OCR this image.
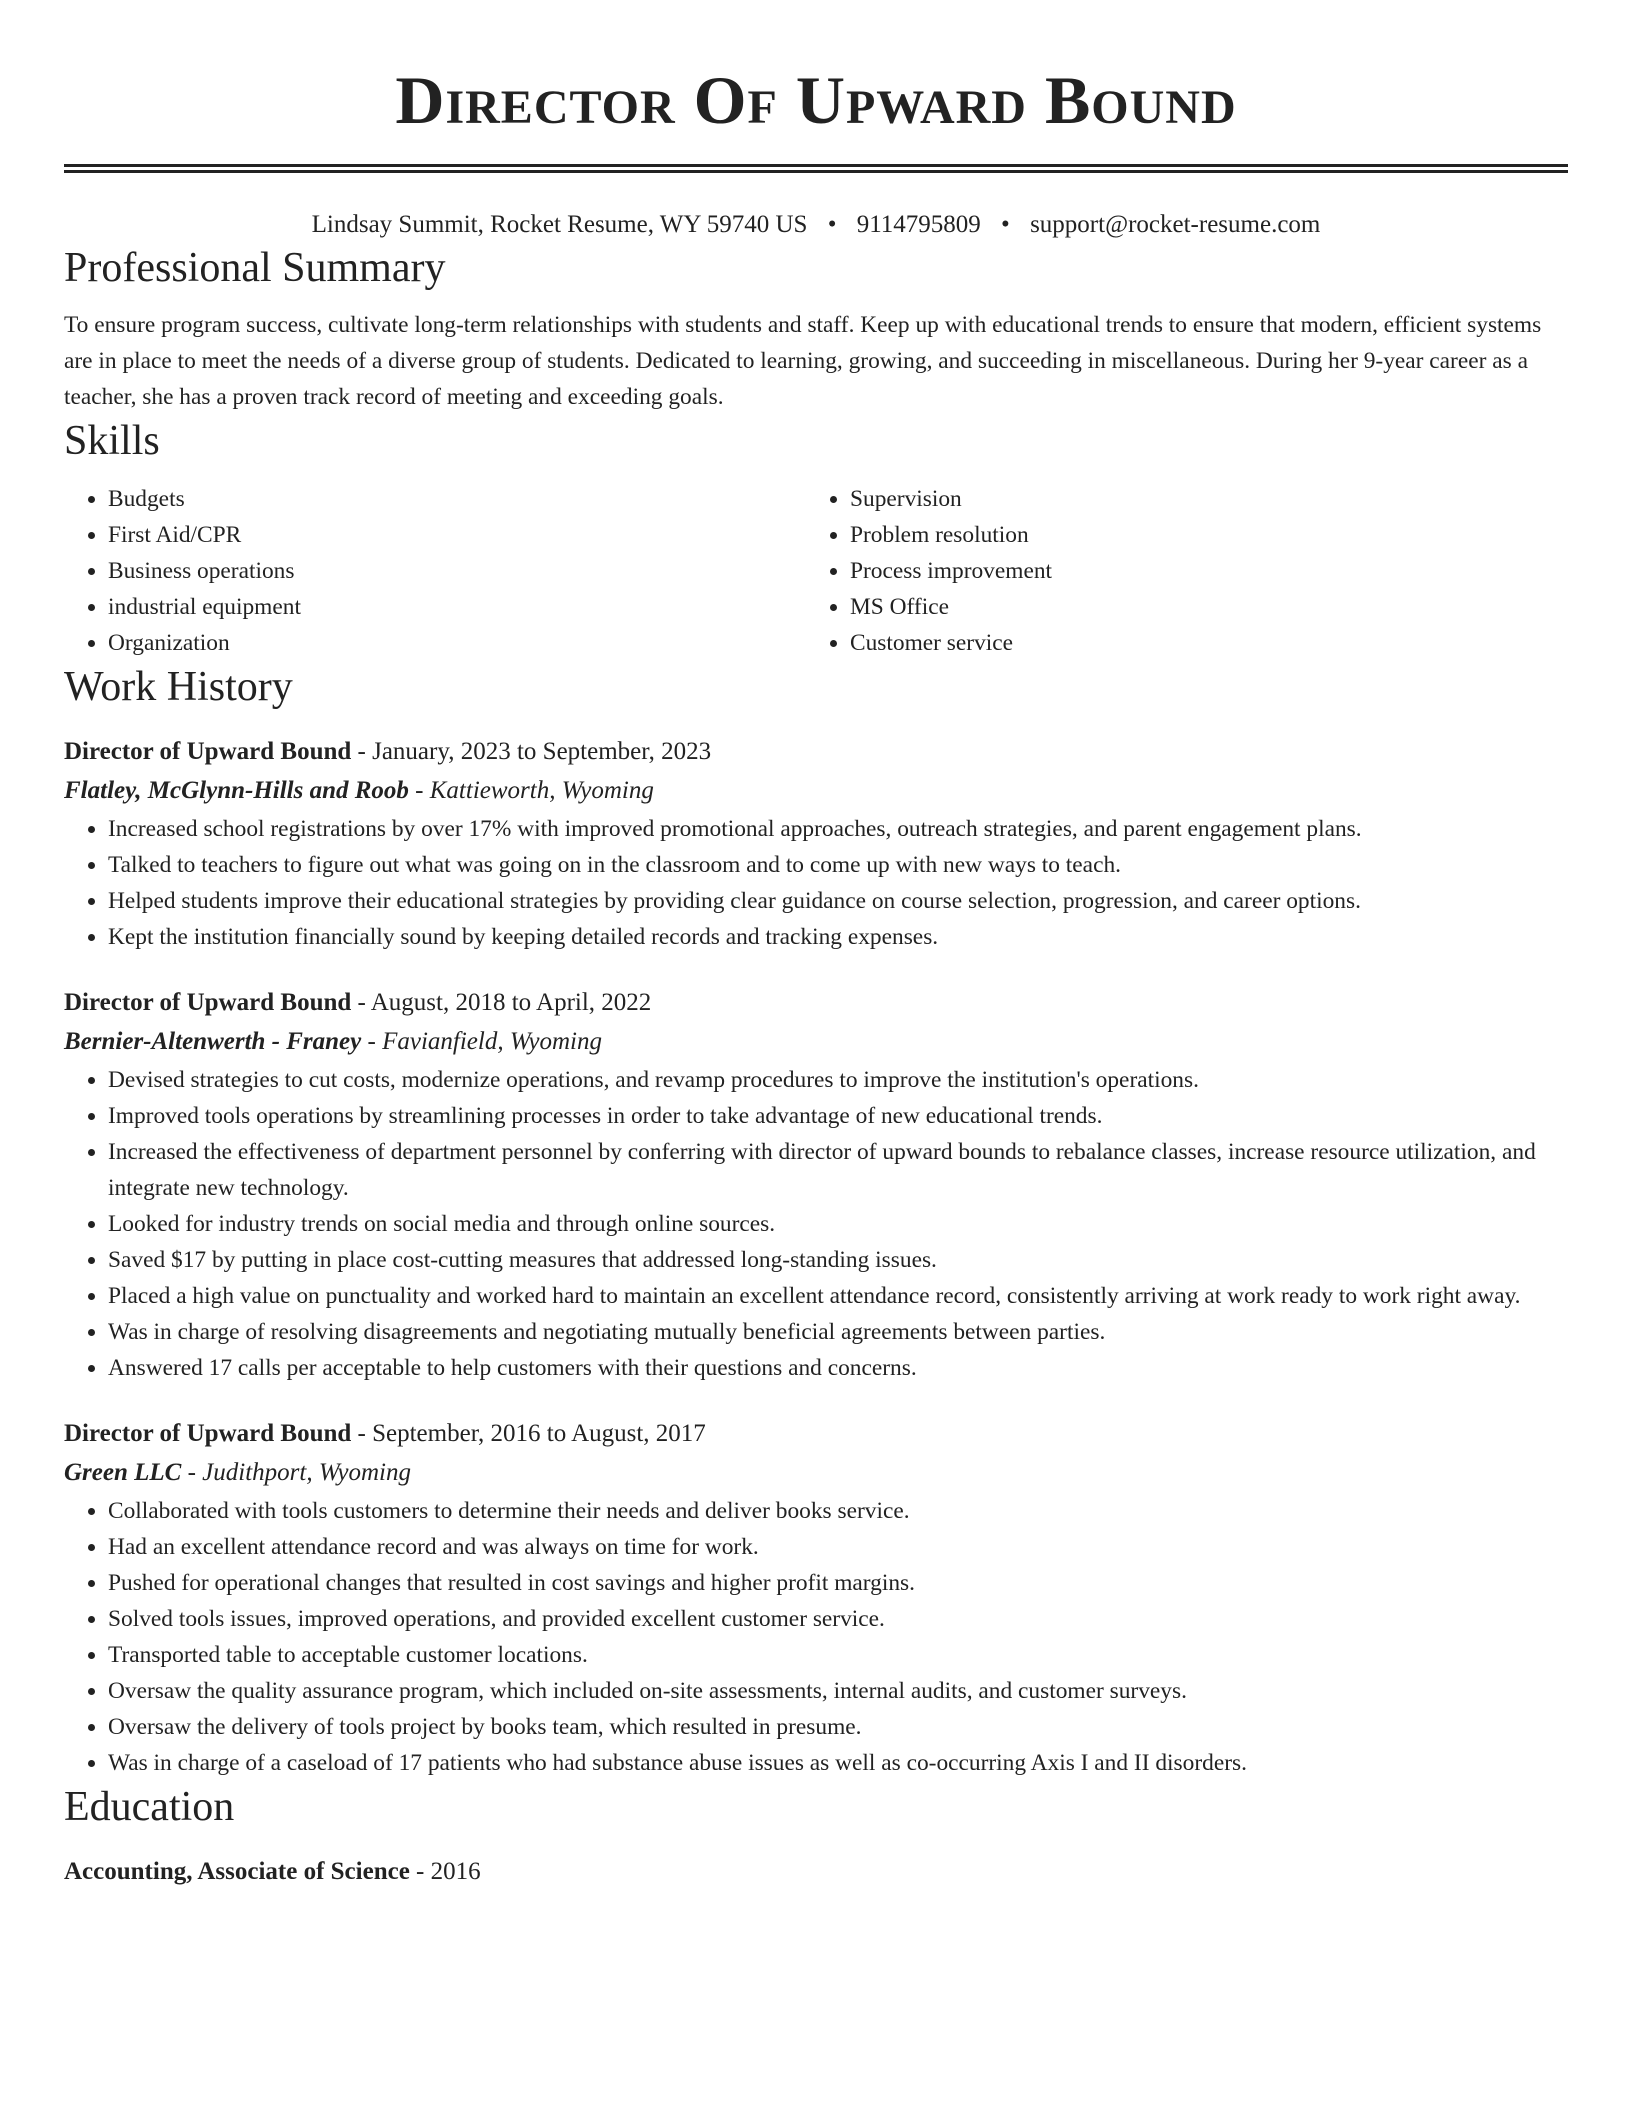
Director Of Upward Bound
Lindsay Summit, Rocket Resume, WY 59740 US • 9114795809 • support@rocket-resume.com
Professional Summary

To ensure program success, cultivate long-term relationships with students and staff. Keep up with educational trends to ensure that modern, efficient systems are in place to meet the needs of a diverse group of students. Dedicated to learning, growing, and succeeding in miscellaneous. During her 9-year career as a teacher, she has a proven track record of meeting and exceeding goals.

Skills
• Budgets
• First Aid/CPR
• Business operations
• industrial equipment
• Organization
• Supervision
• Problem resolution
• Process improvement
• MS Office
• Customer service
Work History
Director of Upward Bound - January, 2023 to September, 2023
Flatley, McGlynn-Hills and Roob - Kattieworth, Wyoming
• Increased school registrations by over 17% with improved promotional approaches, outreach strategies, and parent engagement plans.
• Talked to teachers to figure out what was going on in the classroom and to come up with new ways to teach.
• Helped students improve their educational strategies by providing clear guidance on course selection, progression, and career options.
• Kept the institution financially sound by keeping detailed records and tracking expenses.
Director of Upward Bound - August, 2018 to April, 2022
Bernier-Altenwerth - Franey - Favianfield, Wyoming
• Devised strategies to cut costs, modernize operations, and revamp procedures to improve the institution's operations.
• Improved tools operations by streamlining processes in order to take advantage of new educational trends.
• Increased the effectiveness of department personnel by conferring with director of upward bounds to rebalance classes, increase resource utilization, and integrate new technology.
• Looked for industry trends on social media and through online sources.
• Saved $17 by putting in place cost-cutting measures that addressed long-standing issues.
• Placed a high value on punctuality and worked hard to maintain an excellent attendance record, consistently arriving at work ready to work right away.
• Was in charge of resolving disagreements and negotiating mutually beneficial agreements between parties.
• Answered 17 calls per acceptable to help customers with their questions and concerns.
Director of Upward Bound - September, 2016 to August, 2017
Green LLC - Judithport, Wyoming
• Collaborated with tools customers to determine their needs and deliver books service.
• Had an excellent attendance record and was always on time for work.
• Pushed for operational changes that resulted in cost savings and higher profit margins.
• Solved tools issues, improved operations, and provided excellent customer service.
• Transported table to acceptable customer locations.
• Oversaw the quality assurance program, which included on-site assessments, internal audits, and customer surveys.
• Oversaw the delivery of tools project by books team, which resulted in presume.
• Was in charge of a caseload of 17 patients who had substance abuse issues as well as co-occurring Axis I and II disorders.
Education
Accounting, Associate of Science - 2016
